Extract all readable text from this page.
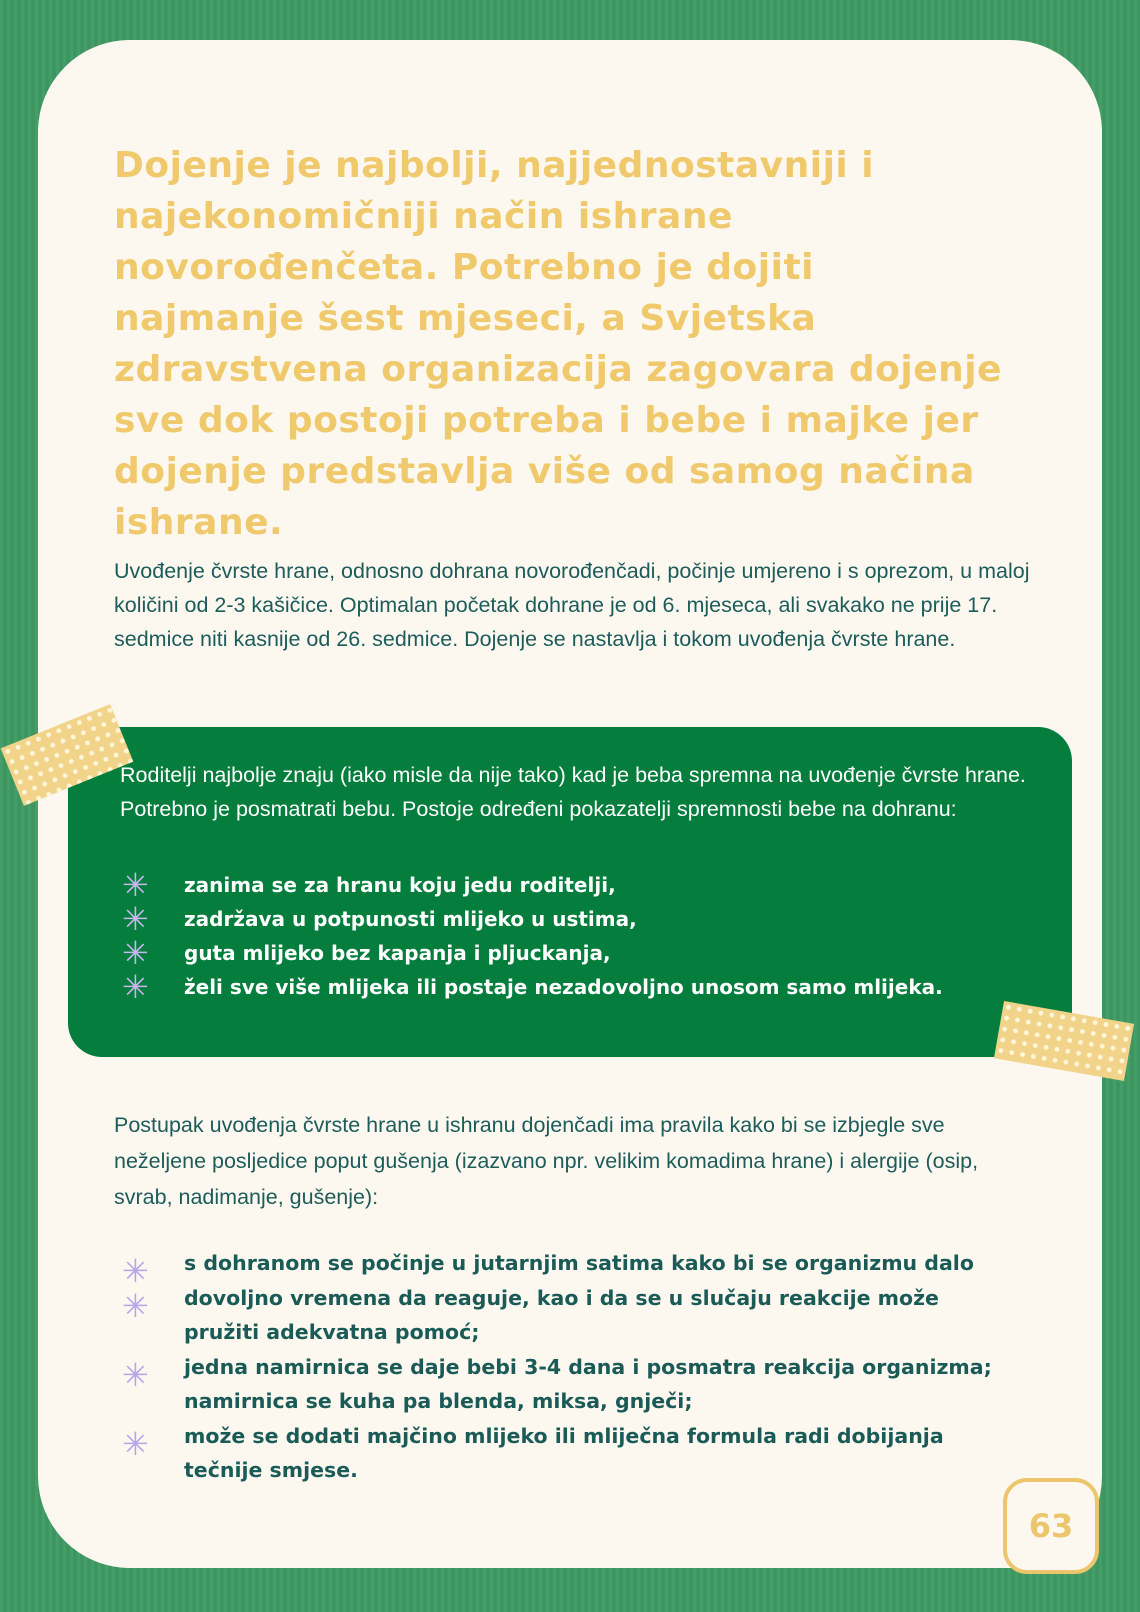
Dojenje je najbolji, najjednostavniji i najekonomičniji način ishrane novorođenčeta. Potrebno je dojiti najmanje šest mjeseci, a Svjetska zdravstvena organizacija zagovara dojenje sve dok postoji potreba i bebe i majke jer dojenje predstavlja više od samog načina ishrane.

Uvođenje čvrste hrane, odnosno dohrana novorođenčadi, počinje umjereno i s oprezom, u maloj količini od 2-3 kašičice. Optimalan početak dohrane je od 6. mjeseca, ali svakako ne prije 17. sedmice niti kasnije od 26. sedmice. Dojenje se nastavlja i tokom uvođenja čvrste hrane.

Roditelji najbolje znaju (iako misle da nije tako) kad je beba spremna na uvođenje čvrste hrane. Potrebno je posmatrati bebu. Postoje određeni pokazatelji spremnosti bebe na dohranu:

✳ zanima se za hranu koju jedu roditelji,
✳ zadržava u potpunosti mlijeko u ustima,
✳ guta mlijeko bez kapanja i pljuckanja,
✳ želi sve više mlijeka ili postaje nezadovoljno unosom samo mlijeka.

Postupak uvođenja čvrste hrane u ishranu dojenčadi ima pravila kako bi se izbjegle sve neželjene posljedice poput gušenja (izazvano npr. velikim komadima hrane) i alergije (osip, svrab, nadimanje, gušenje):

✳ s dohranom se počinje u jutarnjim satima kako bi se organizmu dalo
✳ dovoljno vremena da reaguje, kao i da se u slučaju reakcije može pružiti adekvatna pomoć;
✳ jedna namirnica se daje bebi 3-4 dana i posmatra reakcija organizma; namirnica se kuha pa blenda, miksa, gnječi;
✳ može se dodati majčino mlijeko ili mliječna formula radi dobijanja tečnije smjese.
63
